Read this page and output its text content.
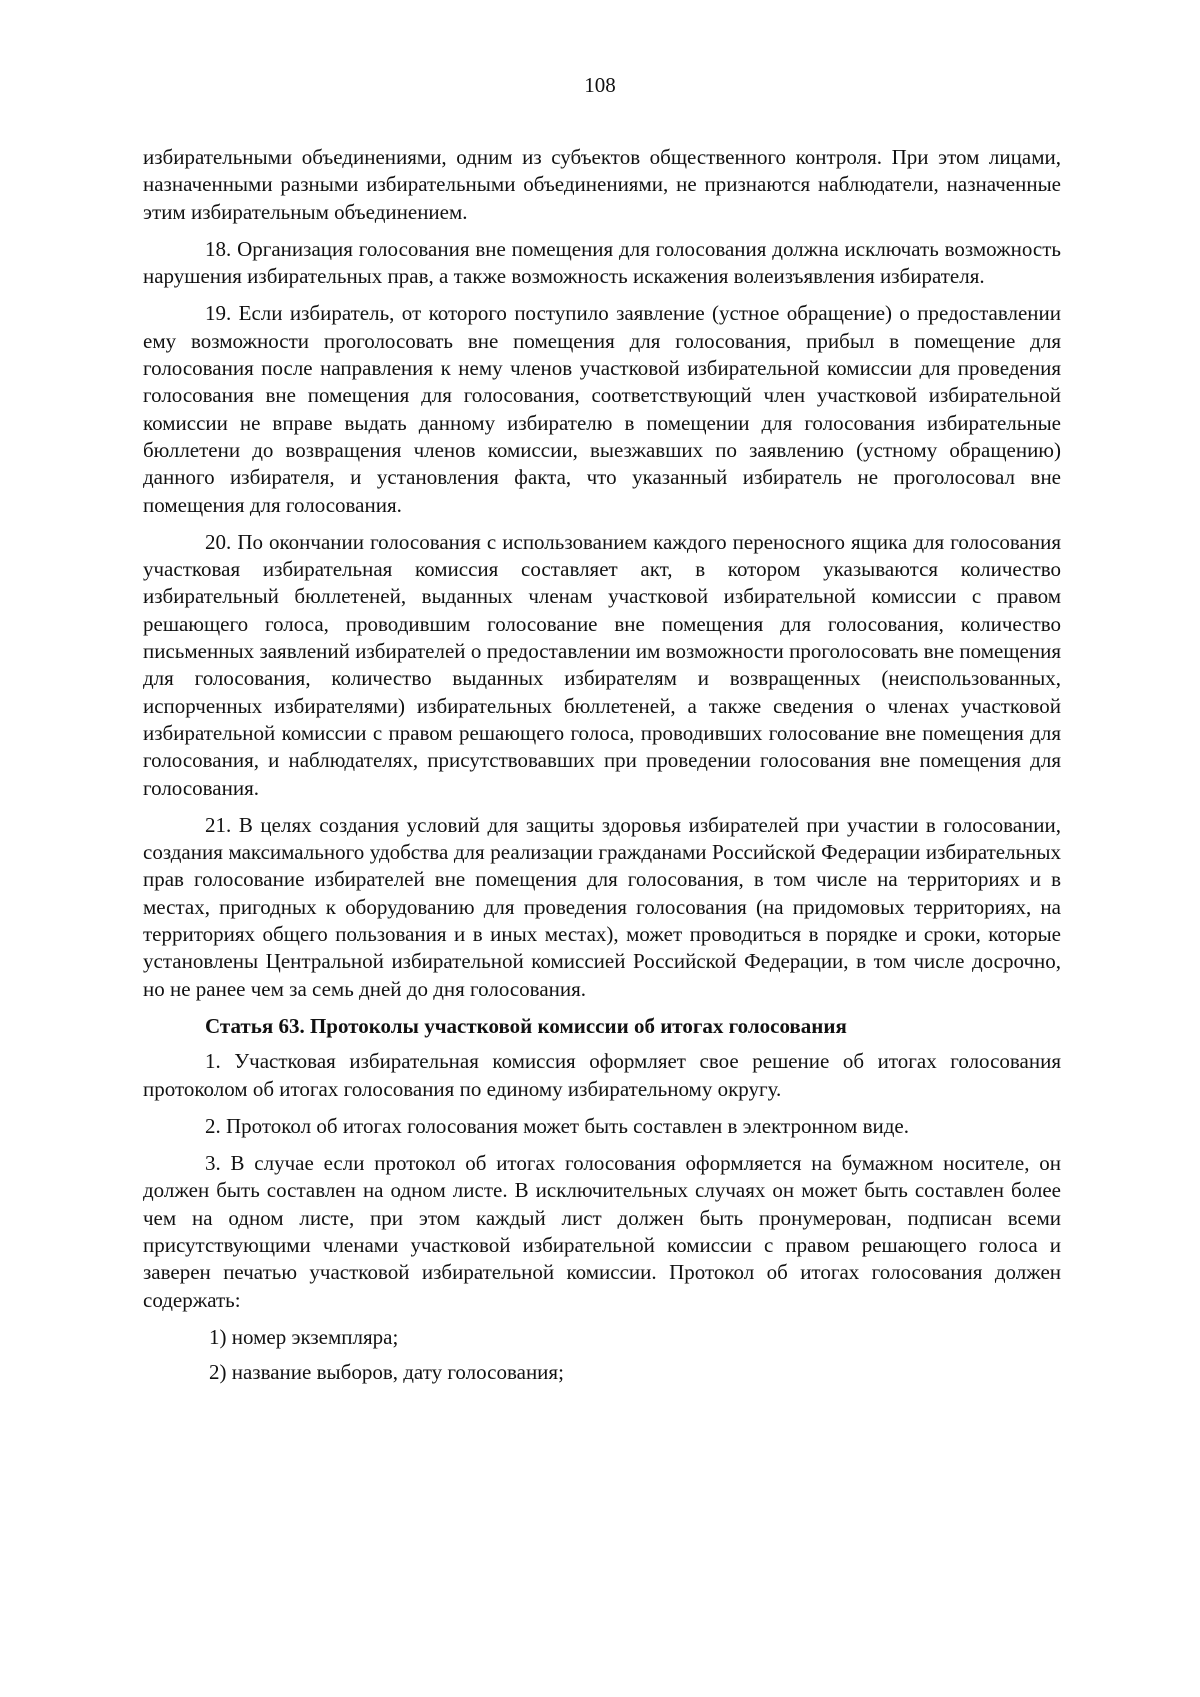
108

избирательными объединениями, одним из субъектов общественного контроля. При этом лицами, назначенными разными избирательными объединениями, не признаются наблюдатели, назначенные этим избирательным объединением.

18. Организация голосования вне помещения для голосования должна исключать возможность нарушения избирательных прав, а также возможность искажения волеизъявления избирателя.

19. Если избиратель, от которого поступило заявление (устное обращение) о предоставлении ему возможности проголосовать вне помещения для голосования, прибыл в помещение для голосования после направления к нему членов участковой избирательной комиссии для проведения голосования вне помещения для голосования, соответствующий член участковой избирательной комиссии не вправе выдать данному избирателю в помещении для голосования избирательные бюллетени до возвращения членов комиссии, выезжавших по заявлению (устному обращению) данного избирателя, и установления факта, что указанный избиратель не проголосовал вне помещения для голосования.

20. По окончании голосования с использованием каждого переносного ящика для голосования участковая избирательная комиссия составляет акт, в котором указываются количество избирательный бюллетеней, выданных членам участковой избирательной комиссии с правом решающего голоса, проводившим голосование вне помещения для голосования, количество письменных заявлений избирателей о предоставлении им возможности проголосовать вне помещения для голосования, количество выданных избирателям и возвращенных (неиспользованных, испорченных избирателями) избирательных бюллетеней, а также сведения о членах участковой избирательной комиссии с правом решающего голоса, проводивших голосование вне помещения для голосования, и наблюдателях, присутствовавших при проведении голосования вне помещения для голосования.

21. В целях создания условий для защиты здоровья избирателей при участии в голосовании, создания максимального удобства для реализации гражданами Российской Федерации избирательных прав голосование избирателей вне помещения для голосования, в том числе на территориях и в местах, пригодных к оборудованию для проведения голосования (на придомовых территориях, на территориях общего пользования и в иных местах), может проводиться в порядке и сроки, которые установлены Центральной избирательной комиссией Российской Федерации, в том числе досрочно, но не ранее чем за семь дней до дня голосования.

Статья 63. Протоколы участковой комиссии об итогах голосования

1. Участковая избирательная комиссия оформляет свое решение об итогах голосования протоколом об итогах голосования по единому избирательному округу.

2. Протокол об итогах голосования может быть составлен в электронном виде.

3. В случае если протокол об итогах голосования оформляется на бумажном носителе, он должен быть составлен на одном листе. В исключительных случаях он может быть составлен более чем на одном листе, при этом каждый лист должен быть пронумерован, подписан всеми присутствующими членами участковой избирательной комиссии с правом решающего голоса и заверен печатью участковой избирательной комиссии. Протокол об итогах голосования должен содержать:

1) номер экземпляра;

2) название выборов, дату голосования;
